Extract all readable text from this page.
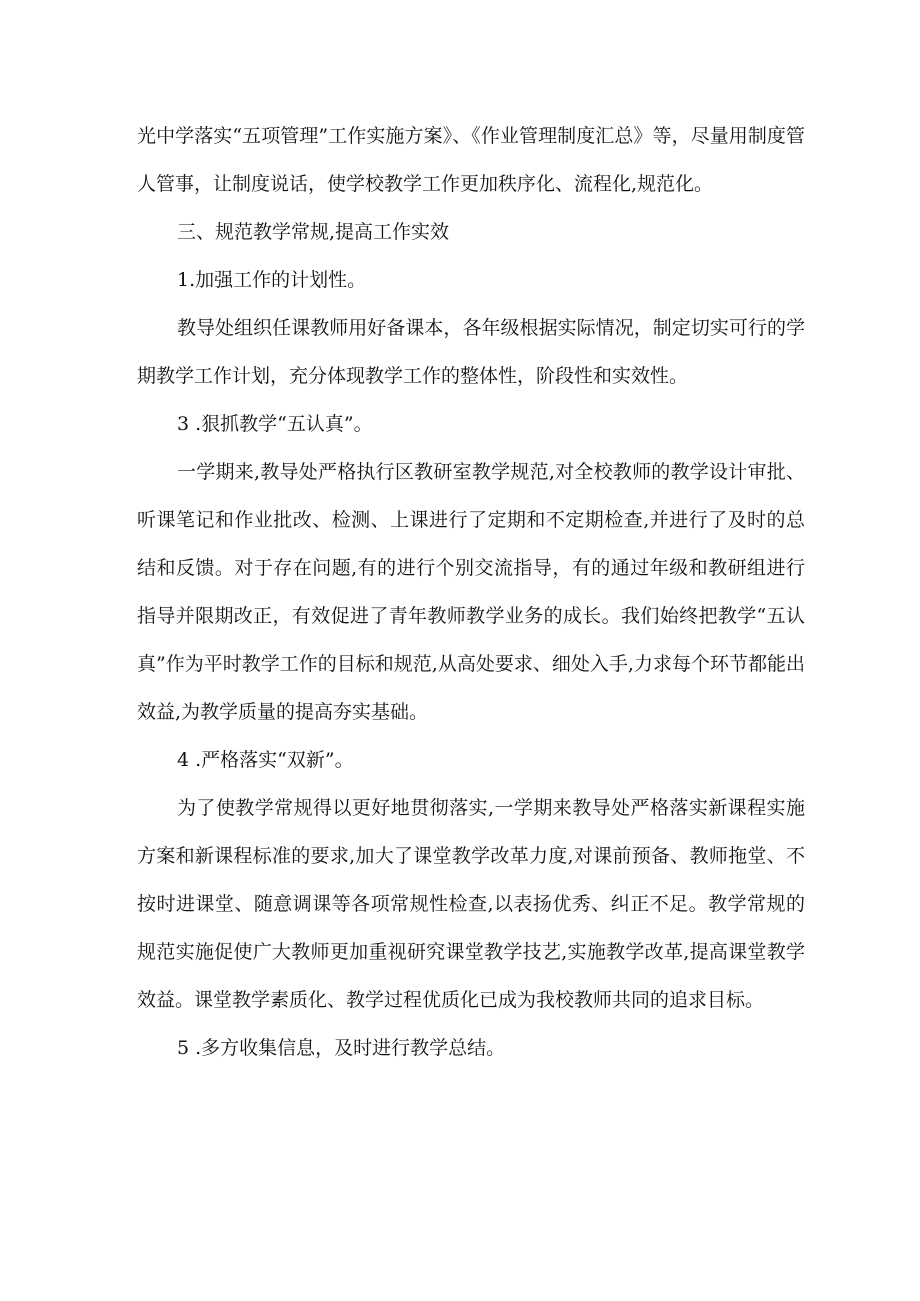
光中学落实“五项管理”工作实施方案》、《作业管理制度汇总》等，尽量用制度管人管事，让制度说话，使学校教学工作更加秩序化、流程化,规范化。

三、规范教学常规,提高工作实效

1.加强工作的计划性。

教导处组织任课教师用好备课本，各年级根据实际情况，制定切实可行的学期教学工作计划，充分体现教学工作的整体性，阶段性和实效性。

3 .狠抓教学“五认真”。

一学期来,教导处严格执行区教研室教学规范,对全校教师的教学设计审批、听课笔记和作业批改、检测、上课进行了定期和不定期检查,并进行了及时的总结和反馈。对于存在问题,有的进行个别交流指导，有的通过年级和教研组进行指导并限期改正，有效促进了青年教师教学业务的成长。我们始终把教学“五认真”作为平时教学工作的目标和规范,从高处要求、细处入手,力求每个环节都能出效益,为教学质量的提高夯实基础。

4 .严格落实“双新”。

为了使教学常规得以更好地贯彻落实,一学期来教导处严格落实新课程实施方案和新课程标准的要求,加大了课堂教学改革力度,对课前预备、教师拖堂、不按时进课堂、随意调课等各项常规性检查,以表扬优秀、纠正不足。教学常规的规范实施促使广大教师更加重视研究课堂教学技艺,实施教学改革,提高课堂教学效益。课堂教学素质化、教学过程优质化已成为我校教师共同的追求目标。

5 .多方收集信息，及时进行教学总结。
